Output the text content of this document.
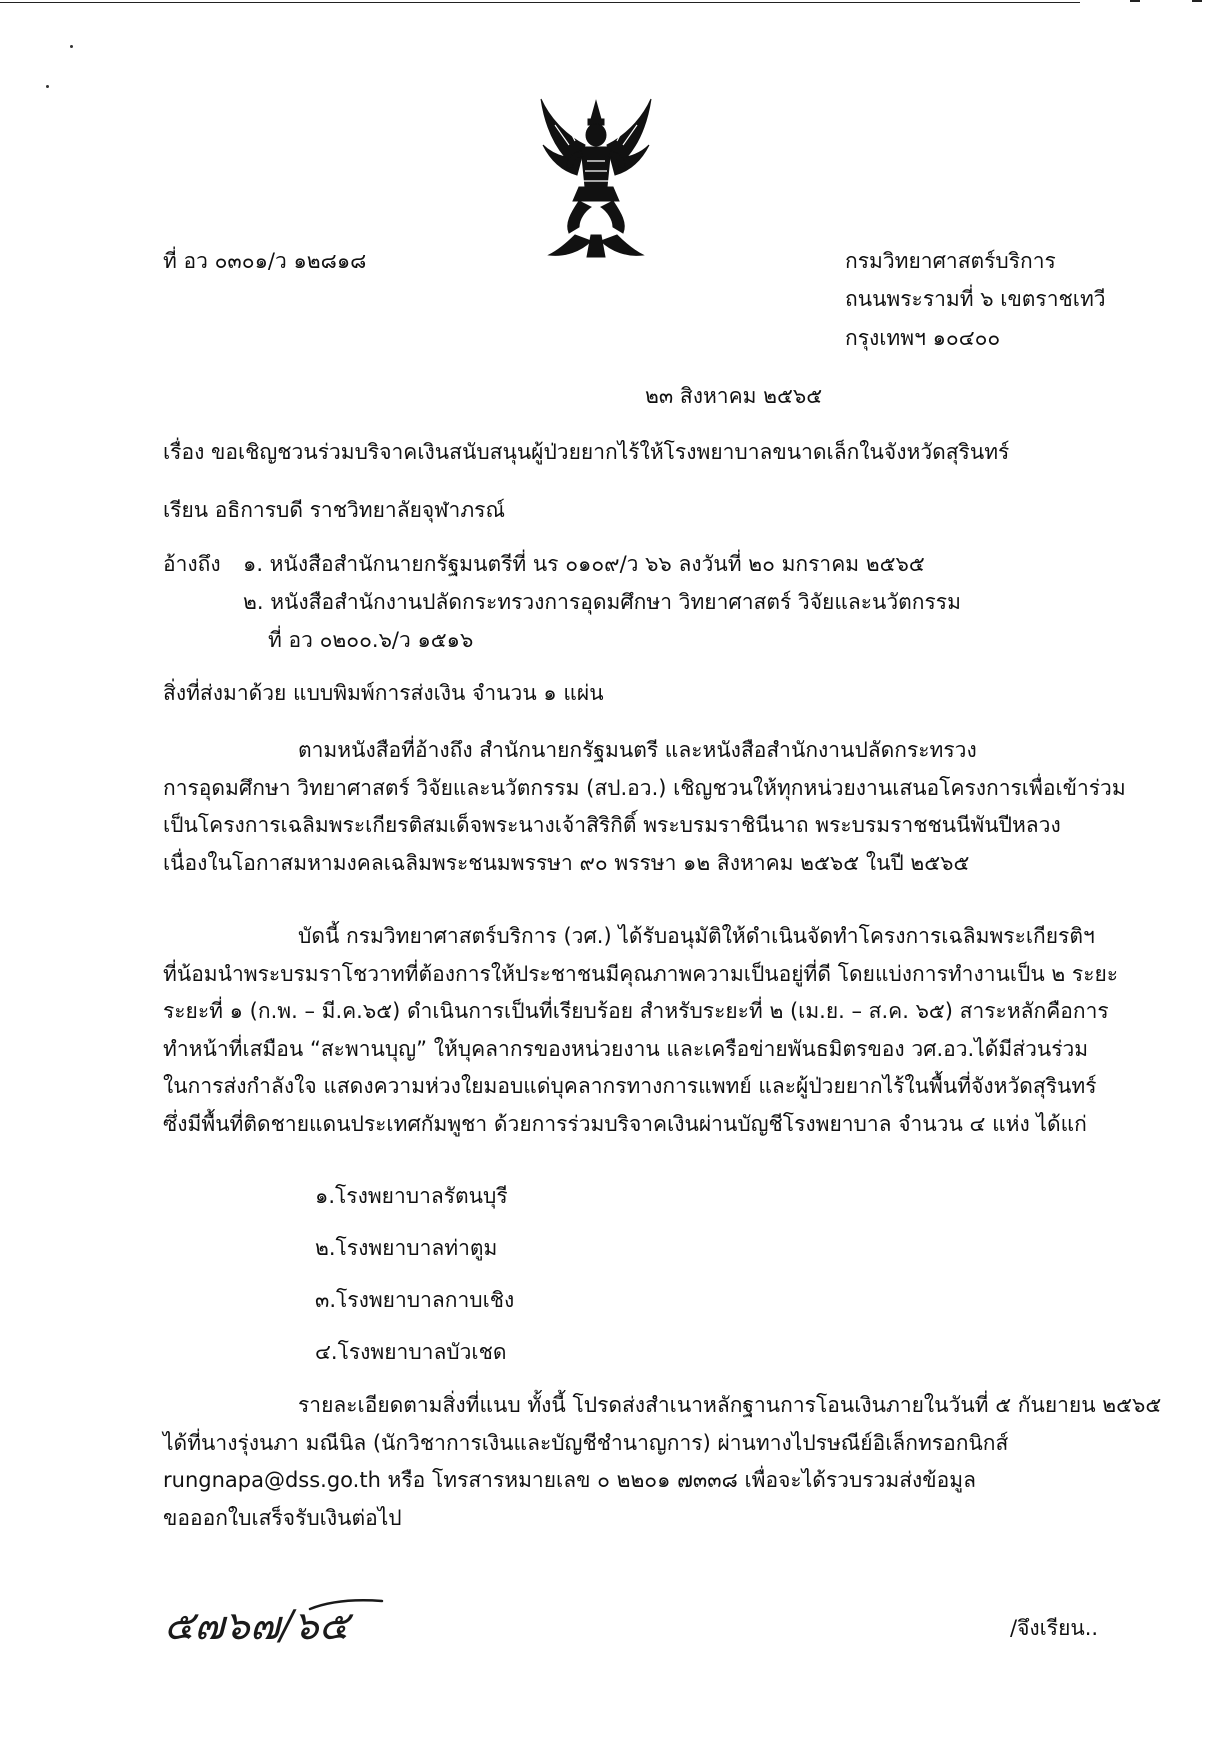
ที่ อว ๐๓๐๑/ว ๑๒๘๑๘	กรมวิทยาศาสตร์บริการ
ถนนพระรามที่ ๖ เขตราชเทวี
กรุงเทพฯ ๑๐๔๐๐
๒๓ สิงหาคม ๒๕๖๕
เรื่อง ขอเชิญชวนร่วมบริจาคเงินสนับสนุนผู้ป่วยยากไร้ให้โรงพยาบาลขนาดเล็กในจังหวัดสุรินทร์
เรียน อธิการบดี ราชวิทยาลัยจุฬาภรณ์
อ้างถึง ๑. หนังสือสำนักนายกรัฐมนตรีที่ นร ๐๑๐๙/ว ๖๖ ลงวันที่ ๒๐ มกราคม ๒๕๖๕
๒. หนังสือสำนักงานปลัดกระทรวงการอุดมศึกษา วิทยาศาสตร์ วิจัยและนวัตกรรม
ที่ อว ๐๒๐๐.๖/ว ๑๕๑๖
สิ่งที่ส่งมาด้วย แบบพิมพ์การส่งเงิน จำนวน ๑ แผ่น
ตามหนังสือที่อ้างถึง สำนักนายกรัฐมนตรี และหนังสือสำนักงานปลัดกระทรวง
การอุดมศึกษา วิทยาศาสตร์ วิจัยและนวัตกรรม (สป.อว.) เชิญชวนให้ทุกหน่วยงานเสนอโครงการเพื่อเข้าร่วม
เป็นโครงการเฉลิมพระเกียรติสมเด็จพระนางเจ้าสิริกิติ์ พระบรมราชินีนาถ พระบรมราชชนนีพันปีหลวง
เนื่องในโอกาสมหามงคลเฉลิมพระชนมพรรษา ๙๐ พรรษา ๑๒ สิงหาคม ๒๕๖๕ ในปี ๒๕๖๕
บัดนี้ กรมวิทยาศาสตร์บริการ (วศ.) ได้รับอนุมัติให้ดำเนินจัดทำโครงการเฉลิมพระเกียรติฯ
ที่น้อมนำพระบรมราโชวาทที่ต้องการให้ประชาชนมีคุณภาพความเป็นอยู่ที่ดี โดยแบ่งการทำงานเป็น ๒ ระยะ
ระยะที่ ๑ (ก.พ. – มี.ค.๖๕) ดำเนินการเป็นที่เรียบร้อย สำหรับระยะที่ ๒ (เม.ย. – ส.ค. ๖๕) สาระหลักคือการ
ทำหน้าที่เสมือน “สะพานบุญ” ให้บุคลากรของหน่วยงาน และเครือข่ายพันธมิตรของ วศ.อว.ได้มีส่วนร่วม
ในการส่งกำลังใจ แสดงความห่วงใยมอบแด่บุคลากรทางการแพทย์ และผู้ป่วยยากไร้ในพื้นที่จังหวัดสุรินทร์
ซึ่งมีพื้นที่ติดชายแดนประเทศกัมพูชา ด้วยการร่วมบริจาคเงินผ่านบัญชีโรงพยาบาล จำนวน ๔ แห่ง ได้แก่
๑.โรงพยาบาลรัตนบุรี
๒.โรงพยาบาลท่าตูม
๓.โรงพยาบาลกาบเชิง
๔.โรงพยาบาลบัวเชด
รายละเอียดตามสิ่งที่แนบ ทั้งนี้ โปรดส่งสำเนาหลักฐานการโอนเงินภายในวันที่ ๕ กันยายน ๒๕๖๕
ได้ที่นางรุ่งนภา มณีนิล (นักวิชาการเงินและบัญชีชำนาญการ) ผ่านทางไปรษณีย์อิเล็กทรอกนิกส์
rungnapa@dss.go.th หรือ โทรสารหมายเลข ๐ ๒๒๐๑ ๗๓๓๘ เพื่อจะได้รวบรวมส่งข้อมูล
ขอออกใบเสร็จรับเงินต่อไป
๕๗๖๗/๖๕	/จึงเรียน..
